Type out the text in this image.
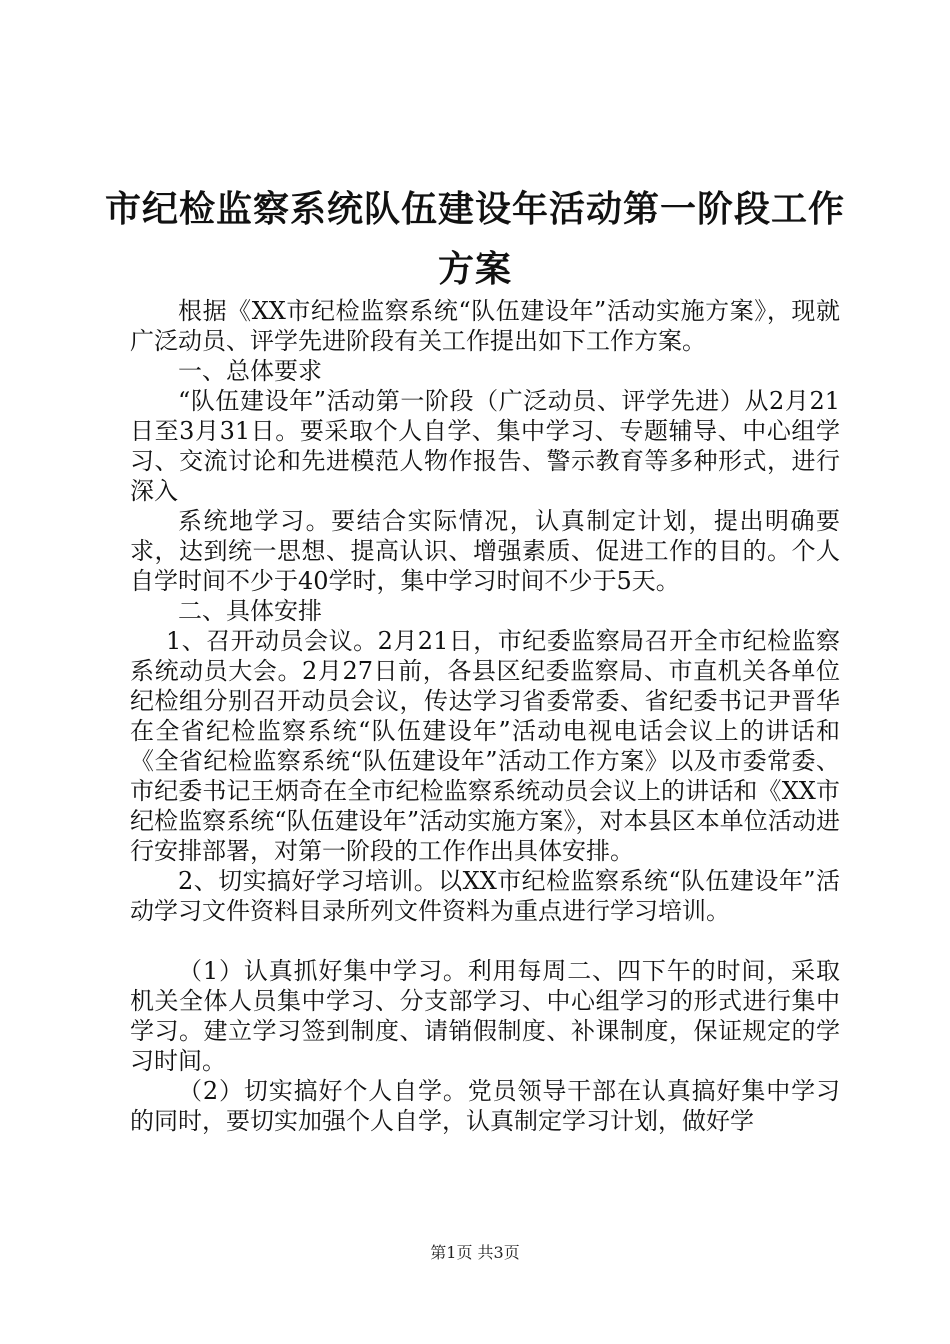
市纪检监察系统队伍建设年活动第一阶段工作
方案

根据《XX市纪检监察系统“队伍建设年”活动实施方案》，现就广泛动员、评学先进阶段有关工作提出如下工作方案。

一、总体要求

“队伍建设年”活动第一阶段（广泛动员、评学先进）从2月21日至3月31日。要采取个人自学、集中学习、专题辅导、中心组学习、交流讨论和先进模范人物作报告、警示教育等多种形式，进行深入

系统地学习。要结合实际情况，认真制定计划，提出明确要求，达到统一思想、提高认识、增强素质、促进工作的目的。个人自学时间不少于40学时，集中学习时间不少于5天。

二、具体安排

1、召开动员会议。2月21日，市纪委监察局召开全市纪检监察系统动员大会。2月27日前，各县区纪委监察局、市直机关各单位纪检组分别召开动员会议，传达学习省委常委、省纪委书记尹晋华在全省纪检监察系统“队伍建设年”活动电视电话会议上的讲话和《全省纪检监察系统“队伍建设年”活动工作方案》以及市委常委、市纪委书记王炳奇在全市纪检监察系统动员会议上的讲话和《XX市纪检监察系统“队伍建设年”活动实施方案》，对本县区本单位活动进行安排部署，对第一阶段的工作作出具体安排。

2、切实搞好学习培训。以XX市纪检监察系统“队伍建设年”活动学习文件资料目录所列文件资料为重点进行学习培训。

（1）认真抓好集中学习。利用每周二、四下午的时间，采取机关全体人员集中学习、分支部学习、中心组学习的形式进行集中学习。建立学习签到制度、请销假制度、补课制度，保证规定的学习时间。

（2）切实搞好个人自学。党员领导干部在认真搞好集中学习的同时，要切实加强个人自学，认真制定学习计划，做好学

第1页 共3页
